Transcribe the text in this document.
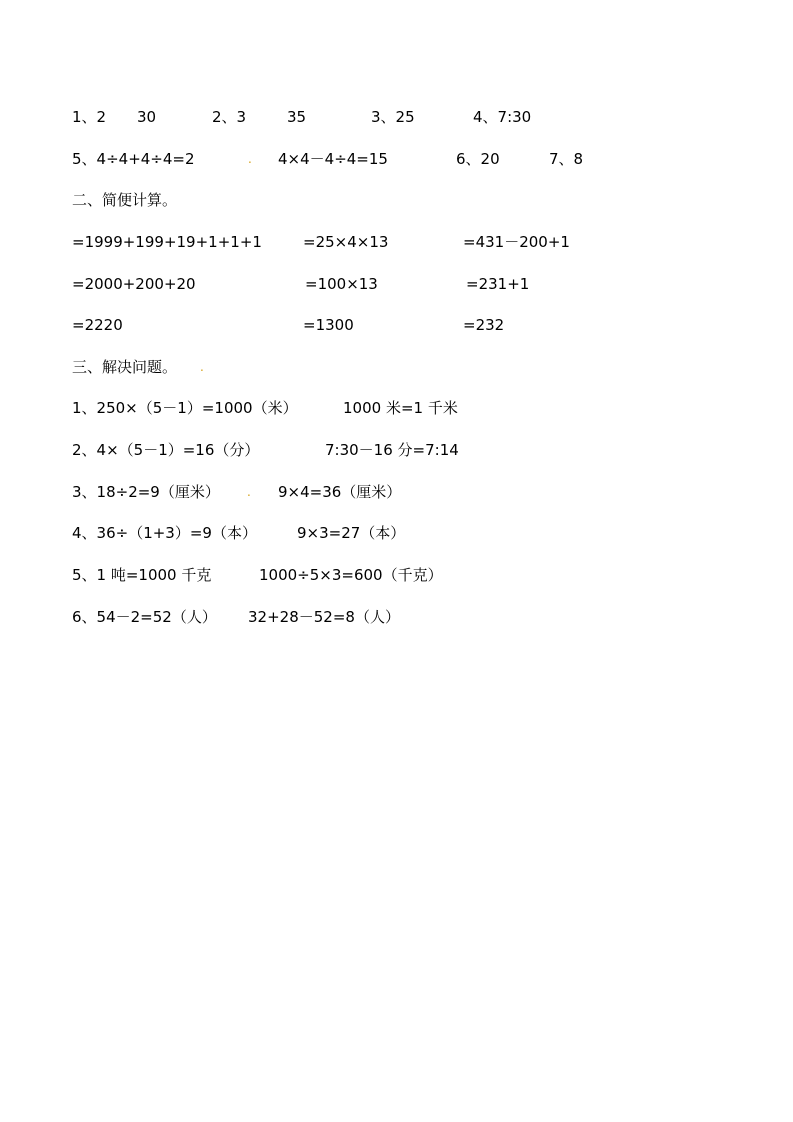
1、2 30	2、3	35	3、25	4、7:30
5、4÷4+4÷4=2	. 4×4－4÷4=15	6、20	7、8
二、简便计算。
=1999+199+19+1+1+1	=25×4×13	=431－200+1
=2000+200+20	=100×13	=231+1
=2220	=1300	=232
三、解决问题。 .
1、250×（5－1）=1000（米）	1000 米=1 千米
2、4×（5－1）=16（分）	7:30－16 分=7:14
3、18÷2=9（厘米） . 9×4=36（厘米）
4、36÷（1+3）=9（本）	9×3=27（本）
5、1 吨=1000 千克	1000÷5×3=600（千克）
6、54－2=52（人） 32+28－52=8（人）
